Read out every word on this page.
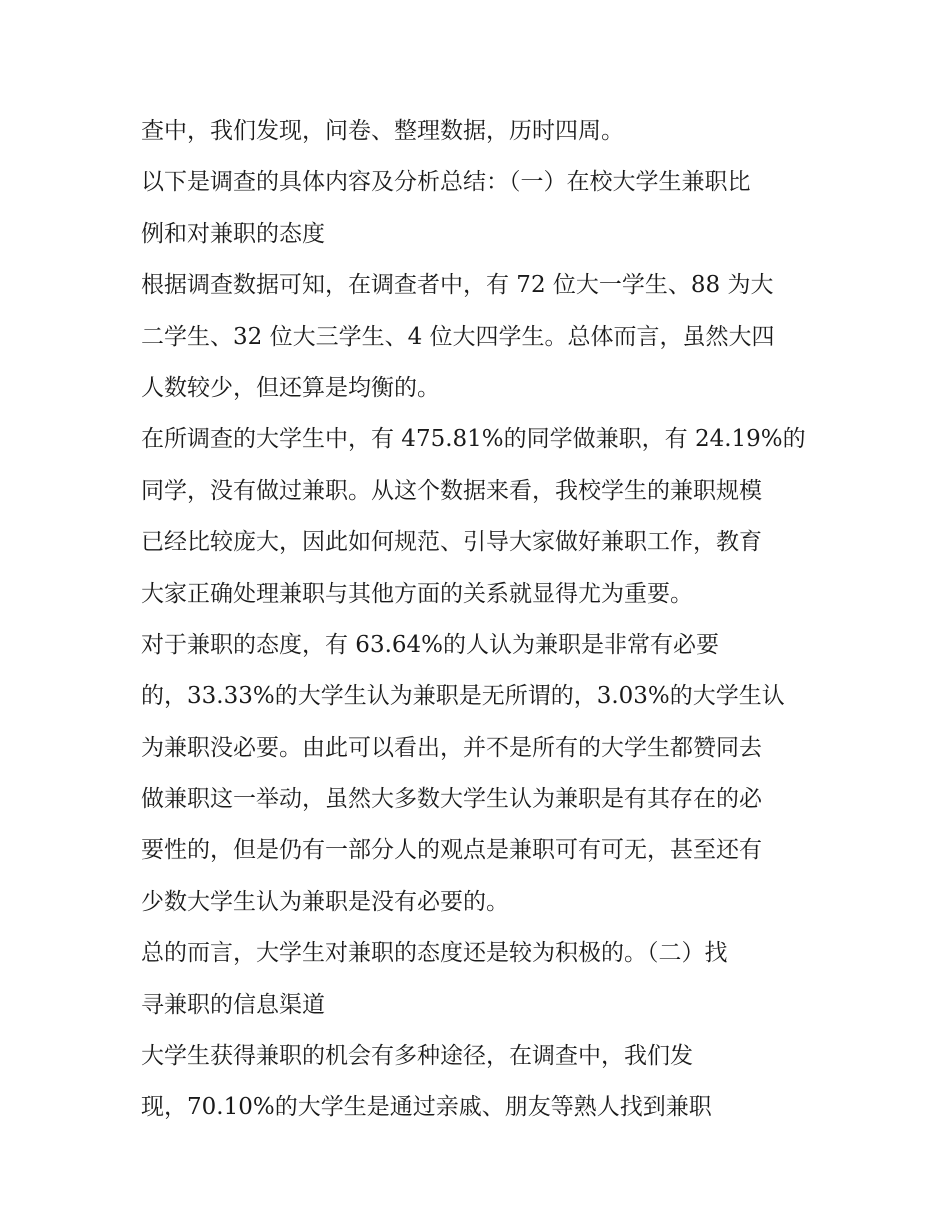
查中，我们发现，问卷、整理数据，历时四周。
以下是调查的具体内容及分析总结：（一）在校大学生兼职比
例和对兼职的态度
根据调查数据可知，在调查者中，有 72 位大一学生、88 为大
二学生、32 位大三学生、4 位大四学生。总体而言，虽然大四
人数较少，但还算是均衡的。
在所调查的大学生中，有 475.81%的同学做兼职，有 24.19%的
同学，没有做过兼职。从这个数据来看，我校学生的兼职规模
已经比较庞大，因此如何规范、引导大家做好兼职工作，教育
大家正确处理兼职与其他方面的关系就显得尤为重要。
对于兼职的态度，有 63.64%的人认为兼职是非常有必要
的，33.33%的大学生认为兼职是无所谓的，3.03%的大学生认
为兼职没必要。由此可以看出，并不是所有的大学生都赞同去
做兼职这一举动，虽然大多数大学生认为兼职是有其存在的必
要性的，但是仍有一部分人的观点是兼职可有可无，甚至还有
少数大学生认为兼职是没有必要的。
总的而言，大学生对兼职的态度还是较为积极的。（二）找
寻兼职的信息渠道
大学生获得兼职的机会有多种途径，在调查中，我们发
现，70.10%的大学生是通过亲戚、朋友等熟人找到兼职
